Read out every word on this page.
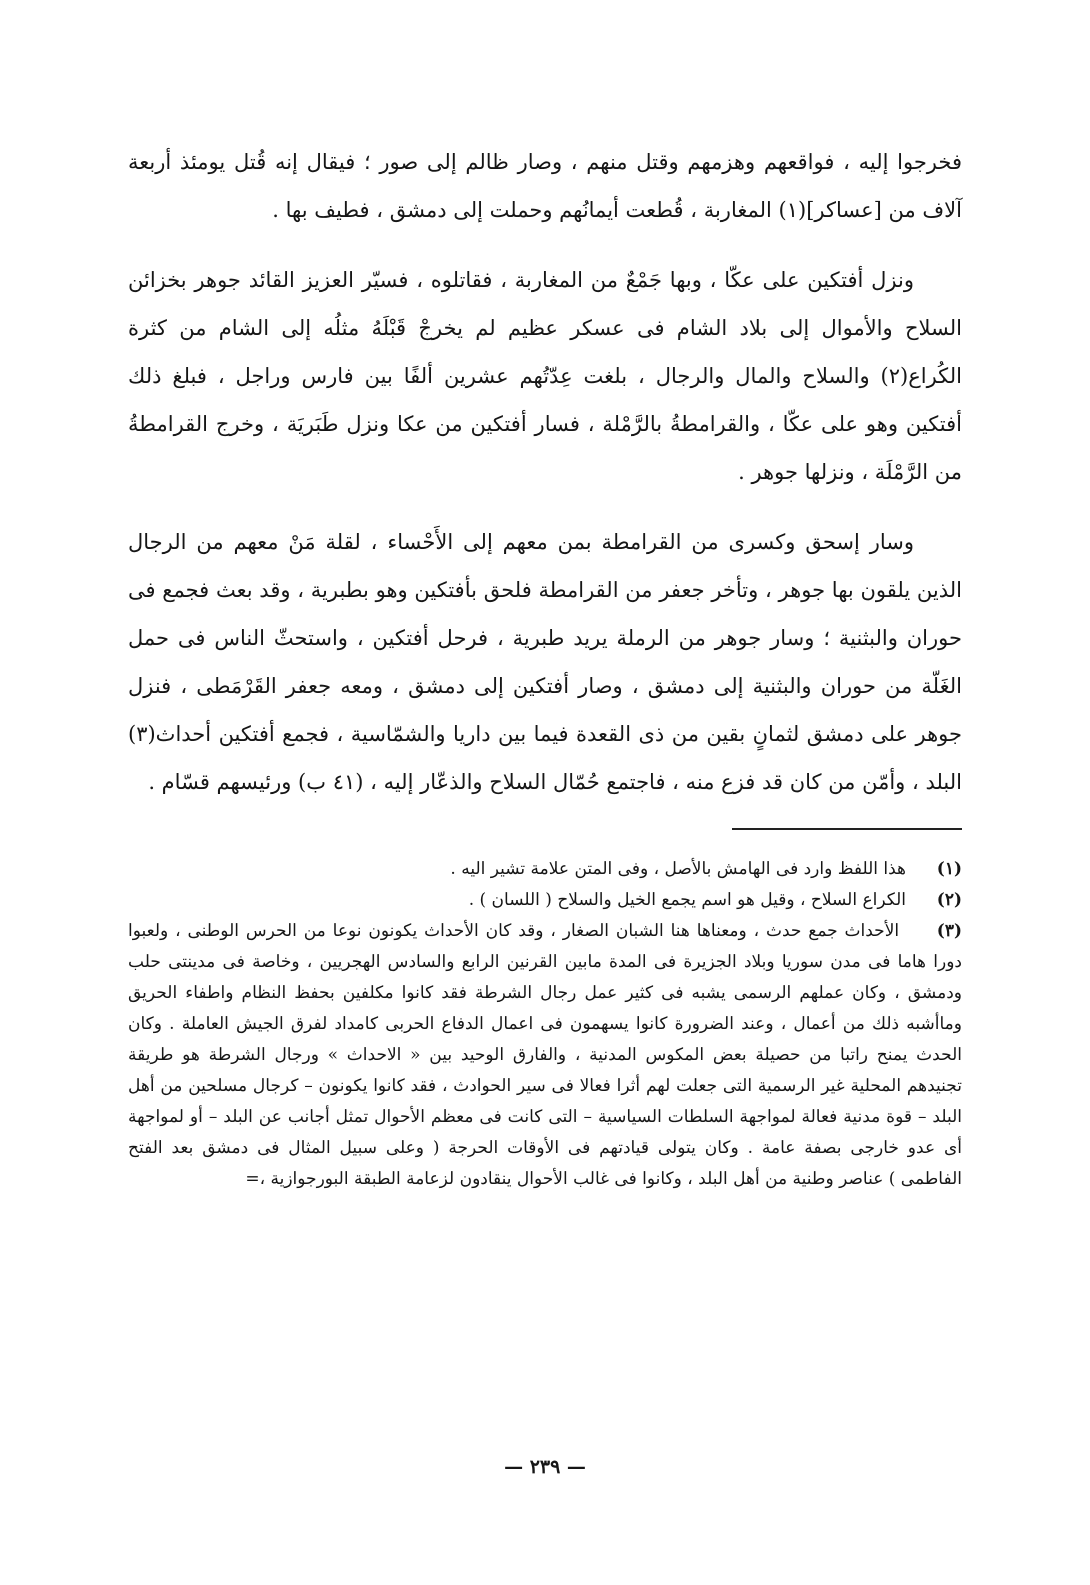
فخرجوا إليه ، فواقعهم وهزمهم وقتل منهم ، وصار ظالم إلى صور ؛ فيقال إنه قُتل يومئذ أربعة آلاف من [عساكر](١) المغاربة ، قُطعت أيمانُهم وحملت إلى دمشق ، فطيف بها .

ونزل أفتكين على عكّا ، وبها جَمْعٌ من المغاربة ، فقاتلوه ، فسيّر العزيز القائد جوهر بخزائن السلاح والأموال إلى بلاد الشام فى عسكر عظيم لم يخرجْ قَبْلَهُ مثلُه إلى الشام من كثرة الكُراع(٢) والسلاح والمال والرجال ، بلغت عِدّتُهم عشرين ألفًا بين فارس وراجل ، فبلغ ذلك أفتكين وهو على عكّا ، والقرامطةُ بالرَّمْلة ، فسار أفتكين من عكا ونزل طَبَريَة ، وخرج القرامطةُ من الرَّمْلَة ، ونزلها جوهر .

وسار إسحق وكسرى من القرامطة بمن معهم إلى الأَحْساء ، لقلة مَنْ معهم من الرجال الذين يلقون بها جوهر ، وتأخر جعفر من القرامطة فلحق بأفتكين وهو بطبرية ، وقد بعث فجمع فى حوران والبثنية ؛ وسار جوهر من الرملة يريد طبرية ، فرحل أفتكين ، واستحثّ الناس فى حمل الغَلّة من حوران والبثنية إلى دمشق ، وصار أفتكين إلى دمشق ، ومعه جعفر القَرْمَطى ، فنزل جوهر على دمشق لثمانٍ بقين من ذى القعدة فيما بين داريا والشمّاسية ، فجمع أفتكين أحداث(٣) البلد ، وأمّن من كان قد فزع منه ، فاجتمع حُمّال السلاح والذعّار إليه ، (٤١ ب) ورئيسهم قسّام .

(١)
هذا اللفظ وارد فى الهامش بالأصل ، وفى المتن علامة تشير اليه .
(٢)
الكراع السلاح ، وقيل هو اسم يجمع الخيل والسلاح ( اللسان ) .
(٣) الأحداث جمع حدث ، ومعناها هنا الشبان الصغار ، وقد كان الأحداث يكونون نوعا من الحرس الوطنى ، ولعبوا دورا هاما فى مدن سوريا وبلاد الجزيرة فى المدة مابين القرنين الرابع والسادس الهجريين ، وخاصة فى مدينتى حلب ودمشق ، وكان عملهم الرسمى يشبه فى كثير عمل رجال الشرطة فقد كانوا مكلفين بحفظ النظام واطفاء الحريق وماأشبه ذلك من أعمال ، وعند الضرورة كانوا يسهمون فى اعمال الدفاع الحربى كامداد لفرق الجيش العاملة . وكان الحدث يمنح راتبا من حصيلة بعض المكوس المدنية ، والفارق الوحيد بين « الاحداث » ورجال الشرطة هو طريقة تجنيدهم المحلية غير الرسمية التى جعلت لهم أثرا فعالا فى سير الحوادث ، فقد كانوا يكونون – كرجال مسلحين من أهل البلد – قوة مدنية فعالة لمواجهة السلطات السياسية – التى كانت فى معظم الأحوال تمثل أجانب عن البلد – أو لمواجهة أى عدو خارجى بصفة عامة . وكان يتولى قيادتهم فى الأوقات الحرجة ( وعلى سبيل المثال فى دمشق بعد الفتح الفاطمى ) عناصر وطنية من أهل البلد ، وكانوا فى غالب الأحوال ينقادون لزعامة الطبقة البورجوازية ،=
— ٢٣٩ —
